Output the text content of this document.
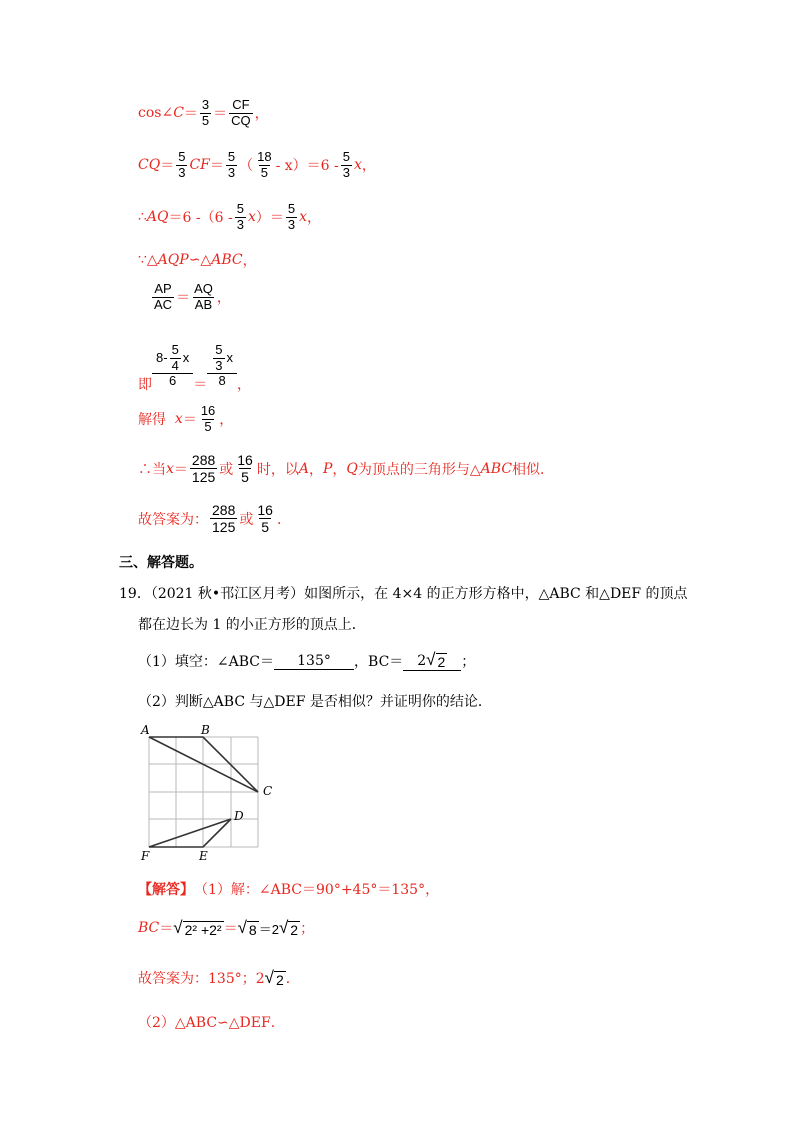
cos∠ $C = \frac{3}{5} = \frac{CF}{CQ}$ ，
CQ ＝ $\frac{5}{3}$ CF ＝ $\frac{5}{3}$ （ $\frac{18}{5} - x)=6 - \frac{5}{3}$ x ，
∴ AQ ＝6 $-(6 - \frac{5}{3}$ x ）＝ $\frac{5}{3}$ x ，
∵△ AQP ∽△ ABC ，
$\frac{AP}{AC} = \frac{AQ}{AB}$ ，
即 $\frac{8- \frac{5}{4} x}{6} = \frac{\frac{5}{3} x}{8}$ ，
解得
$x = \frac{16}{5}$ ，
∴当 $x = \frac{288}{125}$ 或 $\frac{16}{5}$ 时，以 A ， P ， Q 为顶点的三角形与△ ABC 相似．
故答案为： $\frac{288}{125}$ 或 $\frac{16}{5}$ ．
三、解答题。
19．（2021 秋•邗江区月考）如图所示，在 4×4 的正方形方格中，△ABC 和△DEF 的顶点
都在边长为 1 的小正方形的顶点上．
（1）填空：∠ABC＝	135°	，BC＝ 2 √ 2 ；
（2）判断△ABC 与△DEF 是否相似？并证明你的结论．
A	B
C
D
E
F
【解答】 （1）解：∠ABC＝90°+45°＝135°，
BC ＝ √ 2² +2² ＝ √ 8 ＝2 √ 2 ；
故答案为：135°；2 √ 2 ．
（2）△ABC∽△DEF．
